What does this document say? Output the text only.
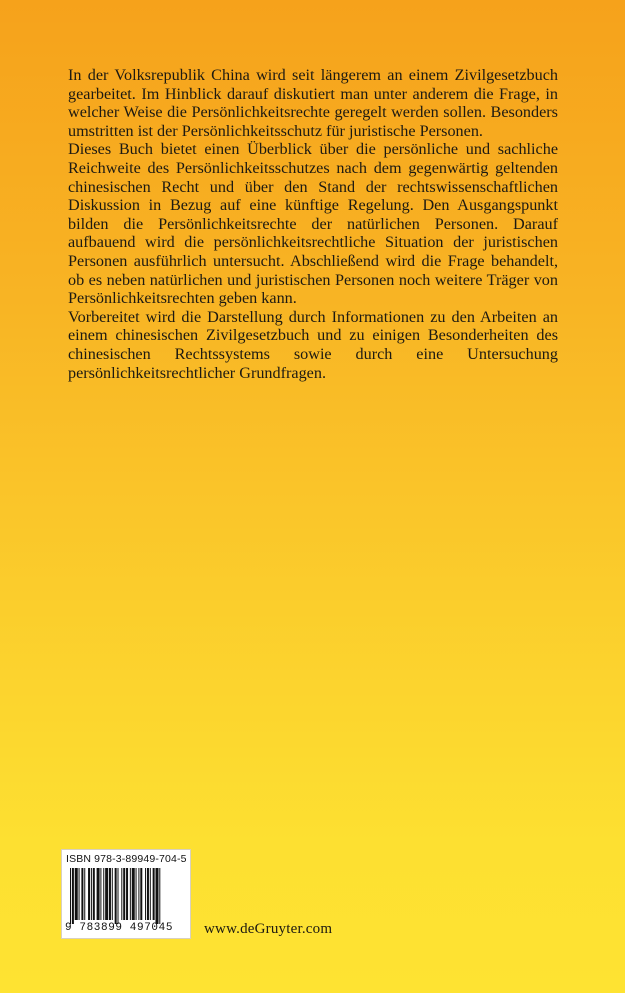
In der Volksrepublik China wird seit längerem an einem Zivilgesetzbuch gearbeitet. Im Hinblick darauf diskutiert man unter anderem die Frage, in welcher Weise die Persönlichkeitsrechte geregelt werden sollen. Besonders umstritten ist der Persönlichkeitsschutz für juristische Personen.

Dieses Buch bietet einen Überblick über die persönliche und sachliche Reichweite des Persönlichkeitsschutzes nach dem gegenwärtig geltenden chinesischen Recht und über den Stand der rechtswissenschaftlichen Diskussion in Bezug auf eine künftige Regelung. Den Ausgangspunkt bilden die Persönlichkeitsrechte der natürlichen Personen. Darauf aufbauend wird die persönlichkeitsrechtliche Situation der juristischen Personen ausführlich untersucht. Abschließend wird die Frage behandelt, ob es neben natürlichen und juristischen Personen noch weitere Träger von Persönlichkeitsrechten geben kann.

Vorbereitet wird die Darstellung durch Informationen zu den Arbeiten an einem chinesischen Zivilgesetzbuch und zu einigen Besonderheiten des chinesischen Rechtssystems sowie durch eine Untersuchung persönlichkeitsrechtlicher Grundfragen.

ISBN 978-3-89949-704-5
9 783899 497045	www.deGruyter.com
